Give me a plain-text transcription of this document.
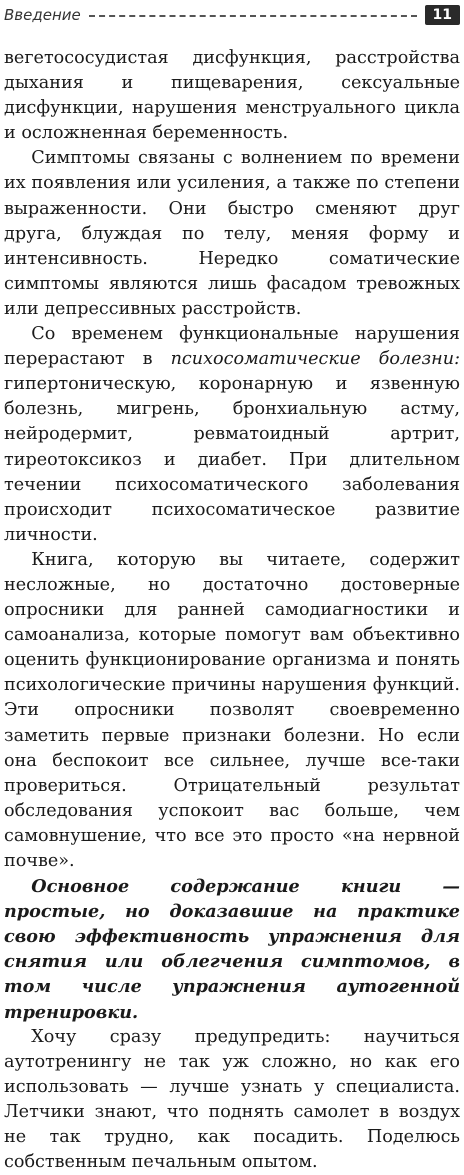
Введение	11

вегетососудистая дисфункция, расстройства дыхания и пищеварения, сексуальные дисфункции, нарушения менструального цикла и осложненная беременность.

Симптомы связаны с волнением по времени их появления или усиления, а также по степени выраженности. Они быстро сменяют друг друга, блуждая по телу, меняя форму и интенсивность. Нередко соматические симптомы являются лишь фасадом тревожных или депрессивных расстройств.

Со временем функциональные нарушения перерастают в психосоматические болезни: гипертоническую, коронарную и язвенную болезнь, мигрень, бронхиальную астму, нейродермит, ревматоидный артрит, тиреотоксикоз и диабет. При длительном течении психосоматического заболевания происходит психосоматическое развитие личности.

Книга, которую вы читаете, содержит несложные, но достаточно достоверные опросники для ранней самодиагностики и самоанализа, которые помогут вам объективно оценить функционирование организма и понять психологические причины нарушения функций. Эти опросники позволят своевременно заметить первые признаки болезни. Но если она беспокоит все сильнее, лучше все-таки провериться. Отрицательный результат обследования успокоит вас больше, чем самовнушение, что все это просто «на нервной почве».

Основное содержание книги — простые, но доказавшие на практике свою эффективность упражнения для снятия или облегчения симптомов, в том числе упражнения аутогенной тренировки.

Хочу сразу предупредить: научиться аутотренингу не так уж сложно, но как его использовать — лучше узнать у специалиста. Летчики знают, что поднять самолет в воздух не так трудно, как посадить. Поделюсь собственным печальным опытом.
